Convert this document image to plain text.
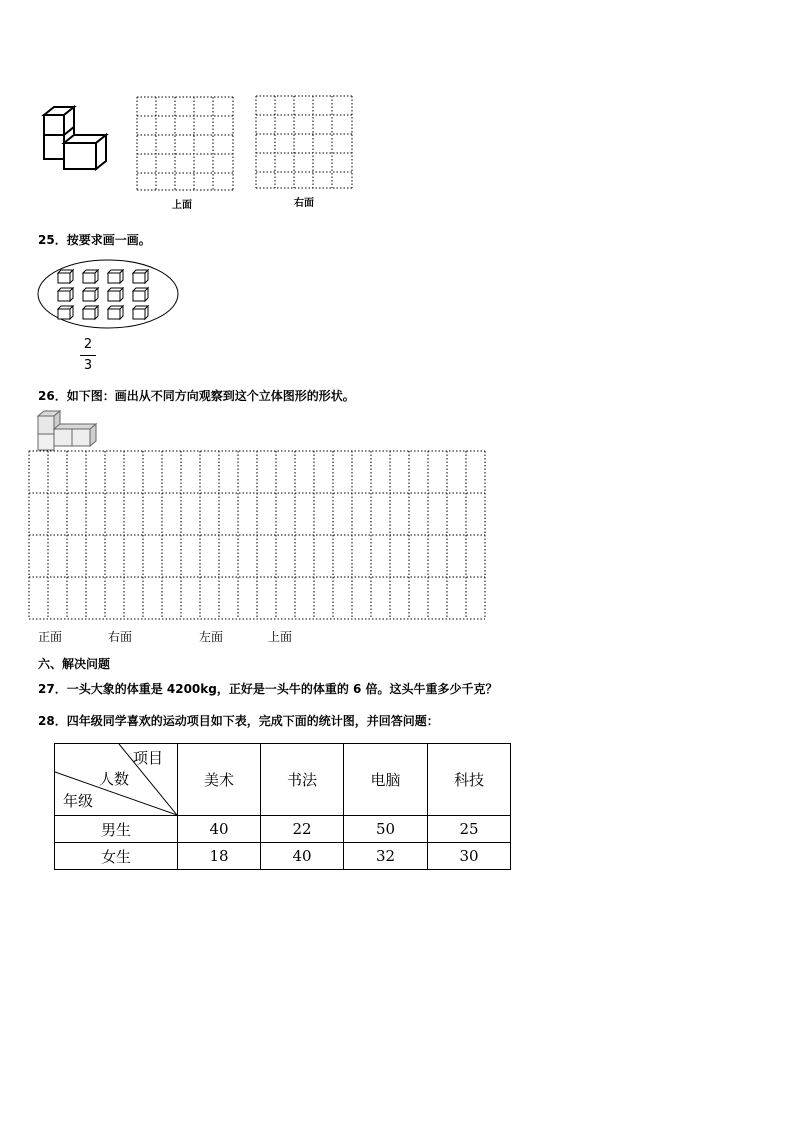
上面	右面
25．按要求画一画。
2
3
26．如下图：画出从不同方向观察到这个立体图形的形状。
正面	右面	左面	上面
六、解决问题
27．一头大象的体重是 4200kg，正好是一头牛的体重的 6 倍。这头牛重多少千克？
28．四年级同学喜欢的运动项目如下表，完成下面的统计图，并回答问题：
项目
人数
年级	美术	书法	电脑	科技
男生	40	22	50	25
女生	18	40	32	30
